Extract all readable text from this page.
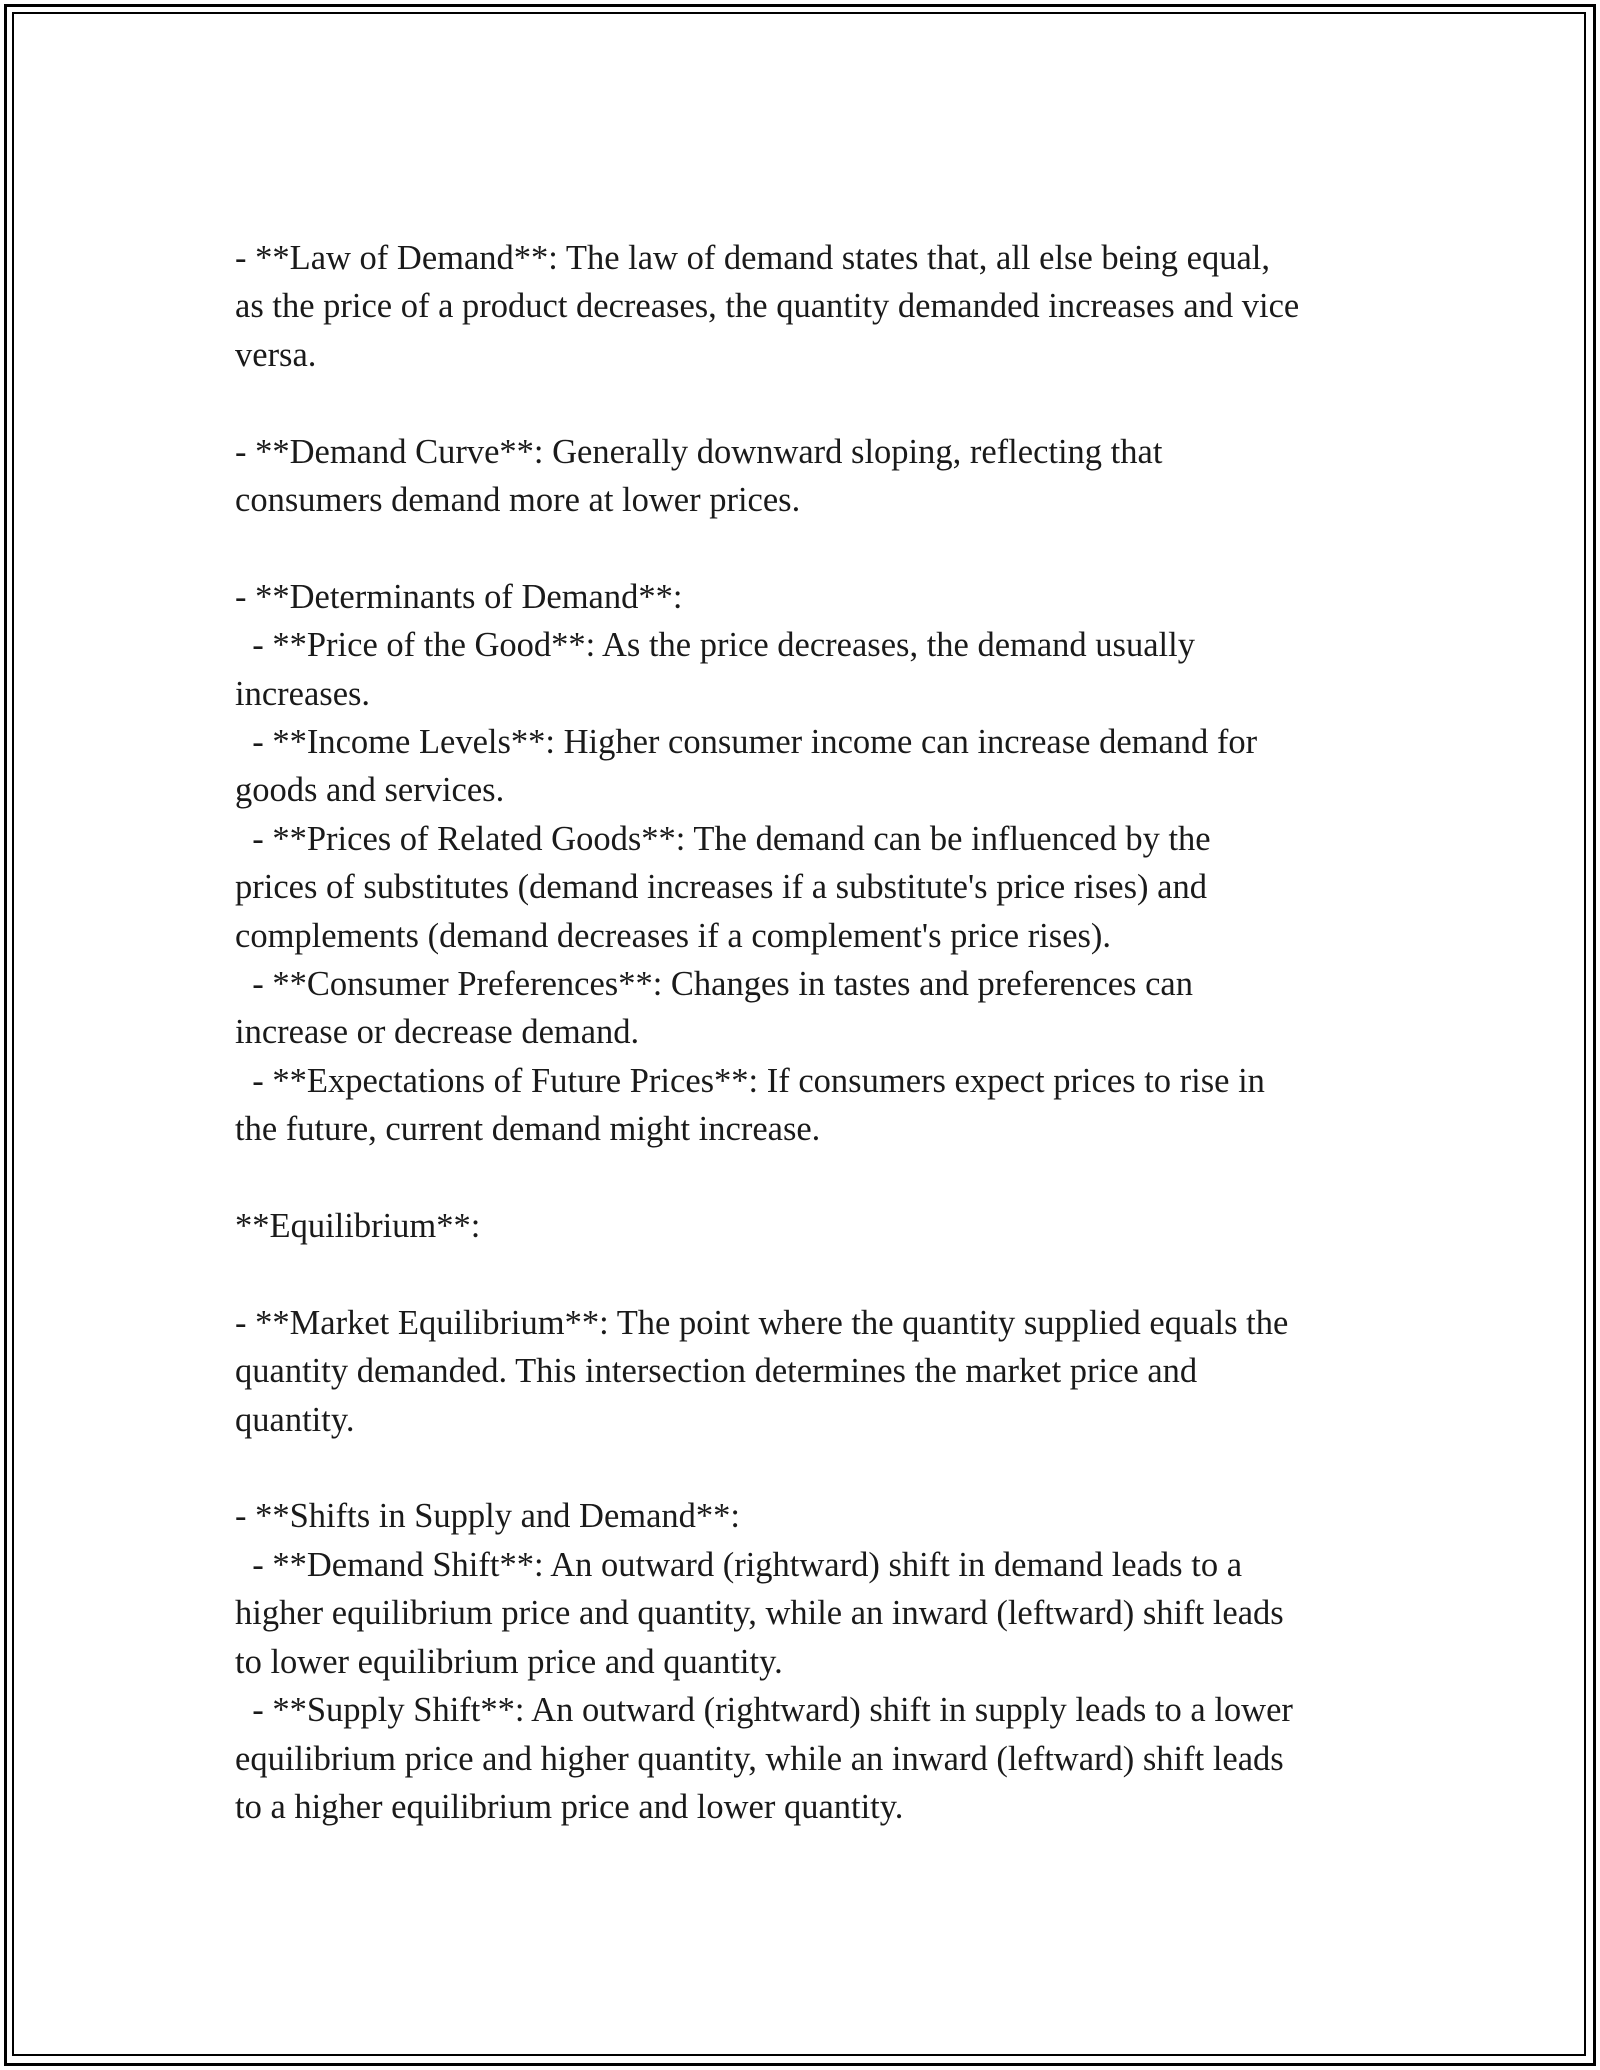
- **Law of Demand**: The law of demand states that, all else being equal,
as the price of a product decreases, the quantity demanded increases and vice
versa.
- **Demand Curve**: Generally downward sloping, reflecting that
consumers demand more at lower prices.
- **Determinants of Demand**:
- **Price of the Good**: As the price decreases, the demand usually
increases.
- **Income Levels**: Higher consumer income can increase demand for
goods and services.
- **Prices of Related Goods**: The demand can be influenced by the
prices of substitutes (demand increases if a substitute's price rises) and
complements (demand decreases if a complement's price rises).
- **Consumer Preferences**: Changes in tastes and preferences can
increase or decrease demand.
- **Expectations of Future Prices**: If consumers expect prices to rise in
the future, current demand might increase.
**Equilibrium**:
- **Market Equilibrium**: The point where the quantity supplied equals the
quantity demanded. This intersection determines the market price and
quantity.
- **Shifts in Supply and Demand**:
- **Demand Shift**: An outward (rightward) shift in demand leads to a
higher equilibrium price and quantity, while an inward (leftward) shift leads
to lower equilibrium price and quantity.
- **Supply Shift**: An outward (rightward) shift in supply leads to a lower
equilibrium price and higher quantity, while an inward (leftward) shift leads
to a higher equilibrium price and lower quantity.
